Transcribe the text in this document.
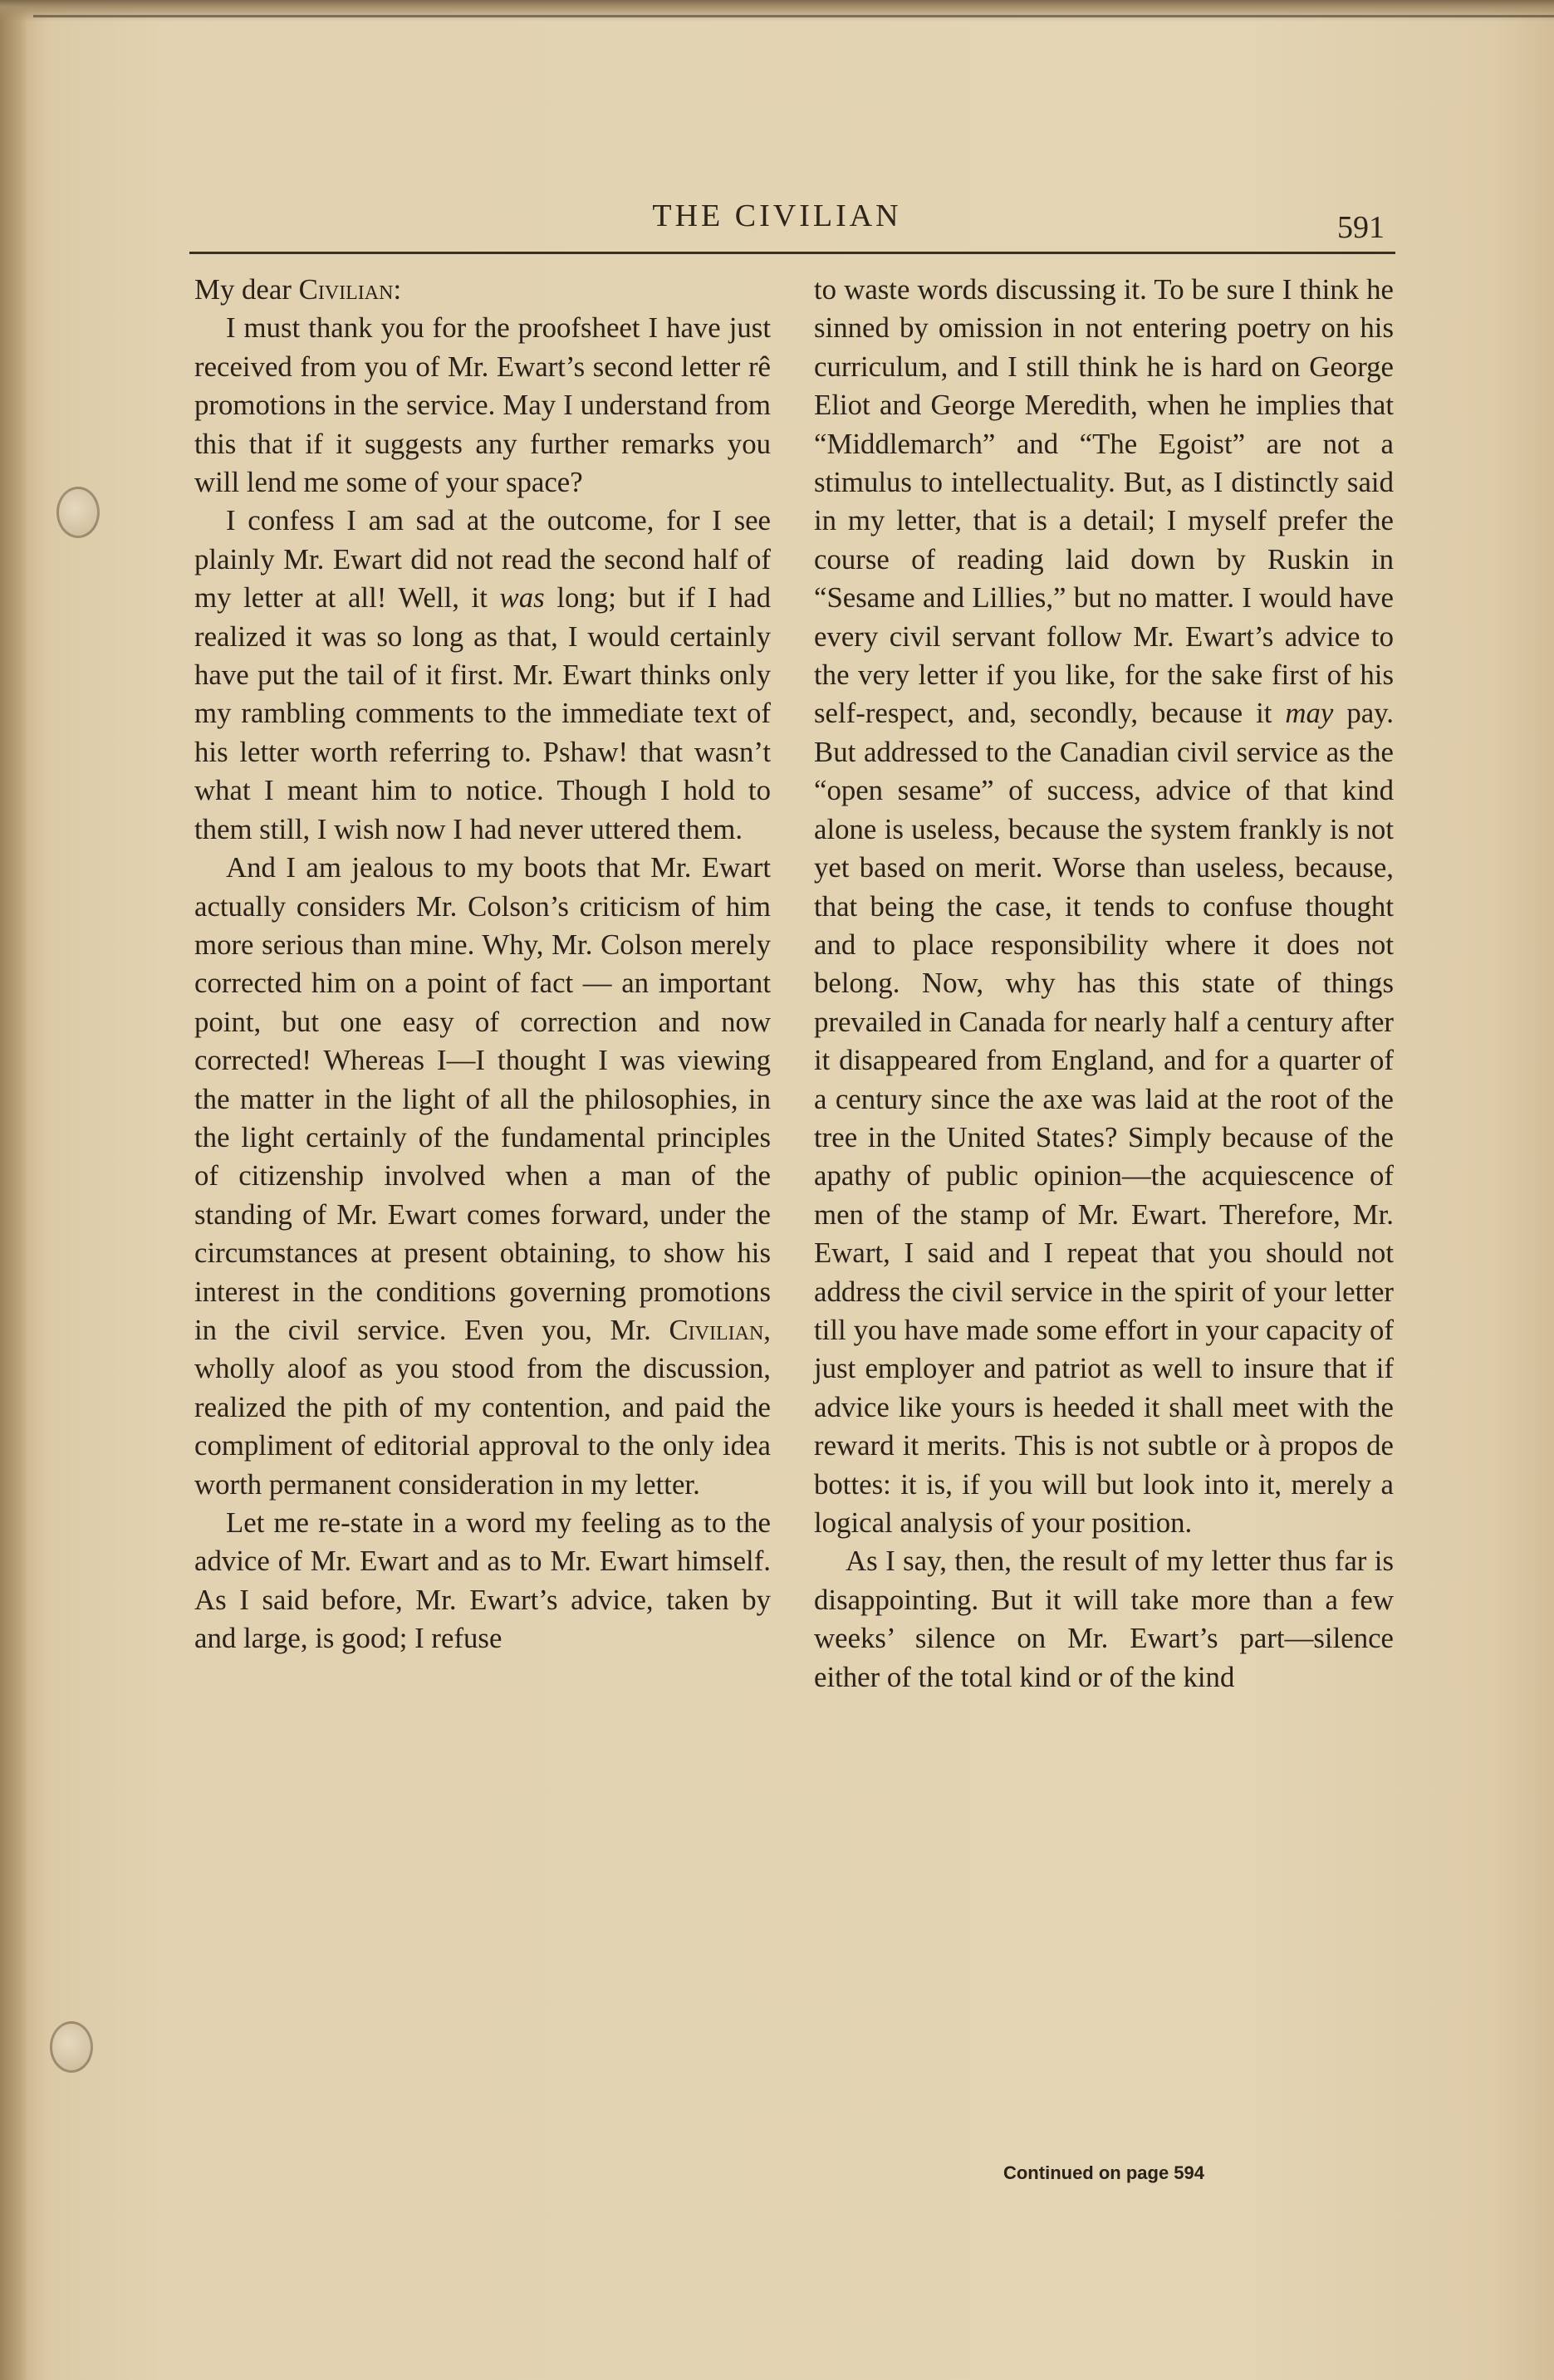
THE CIVILIAN	591

My dear Civilian:

I must thank you for the proofsheet I have just received from you of Mr. Ewart’s second letter rê promotions in the service. May I understand from this that if it suggests any further remarks you will lend me some of your space?

I confess I am sad at the outcome, for I see plainly Mr. Ewart did not read the second half of my letter at all! Well, it was long; but if I had realized it was so long as that, I would certainly have put the tail of it first. Mr. Ewart thinks only my rambling comments to the immediate text of his letter worth referring to. Pshaw! that wasn’t what I meant him to notice. Though I hold to them still, I wish now I had never uttered them.

And I am jealous to my boots that Mr. Ewart actually considers Mr. Colson’s criticism of him more serious than mine. Why, Mr. Colson merely corrected him on a point of fact — an important point, but one easy of correction and now corrected! Whereas I—I thought I was viewing the matter in the light of all the philosophies, in the light certainly of the fundamental principles of citizenship involved when a man of the standing of Mr. Ewart comes forward, under the circumstances at present obtaining, to show his interest in the conditions governing promotions in the civil service. Even you, Mr. Civilian, wholly aloof as you stood from the discussion, realized the pith of my contention, and paid the compliment of editorial approval to the only idea worth permanent consideration in my letter.

Let me re-state in a word my feeling as to the advice of Mr. Ewart and as to Mr. Ewart himself. As I said before, Mr. Ewart’s advice, taken by and large, is good; I refuse

to waste words discussing it. To be sure I think he sinned by omission in not entering poetry on his curriculum, and I still think he is hard on George Eliot and George Meredith, when he implies that “Middlemarch” and “The Egoist” are not a stimulus to intellectuality. But, as I distinctly said in my letter, that is a detail; I myself prefer the course of reading laid down by Ruskin in “Sesame and Lillies,” but no matter. I would have every civil servant follow Mr. Ewart’s advice to the very letter if you like, for the sake first of his self-respect, and, secondly, because it may pay. But addressed to the Canadian civil service as the “open sesame” of success, advice of that kind alone is useless, because the system frankly is not yet based on merit. Worse than useless, because, that being the case, it tends to confuse thought and to place responsibility where it does not belong. Now, why has this state of things prevailed in Canada for nearly half a century after it disappeared from England, and for a quarter of a century since the axe was laid at the root of the tree in the United States? Simply because of the apathy of public opinion—the acquiescence of men of the stamp of Mr. Ewart. Therefore, Mr. Ewart, I said and I repeat that you should not address the civil service in the spirit of your letter till you have made some effort in your capacity of just employer and patriot as well to insure that if advice like yours is heeded it shall meet with the reward it merits. This is not subtle or à propos de bottes: it is, if you will but look into it, merely a logical analysis of your position.

As I say, then, the result of my letter thus far is disappointing. But it will take more than a few weeks’ silence on Mr. Ewart’s part—silence either of the total kind or of the kind

Continued on page 594
